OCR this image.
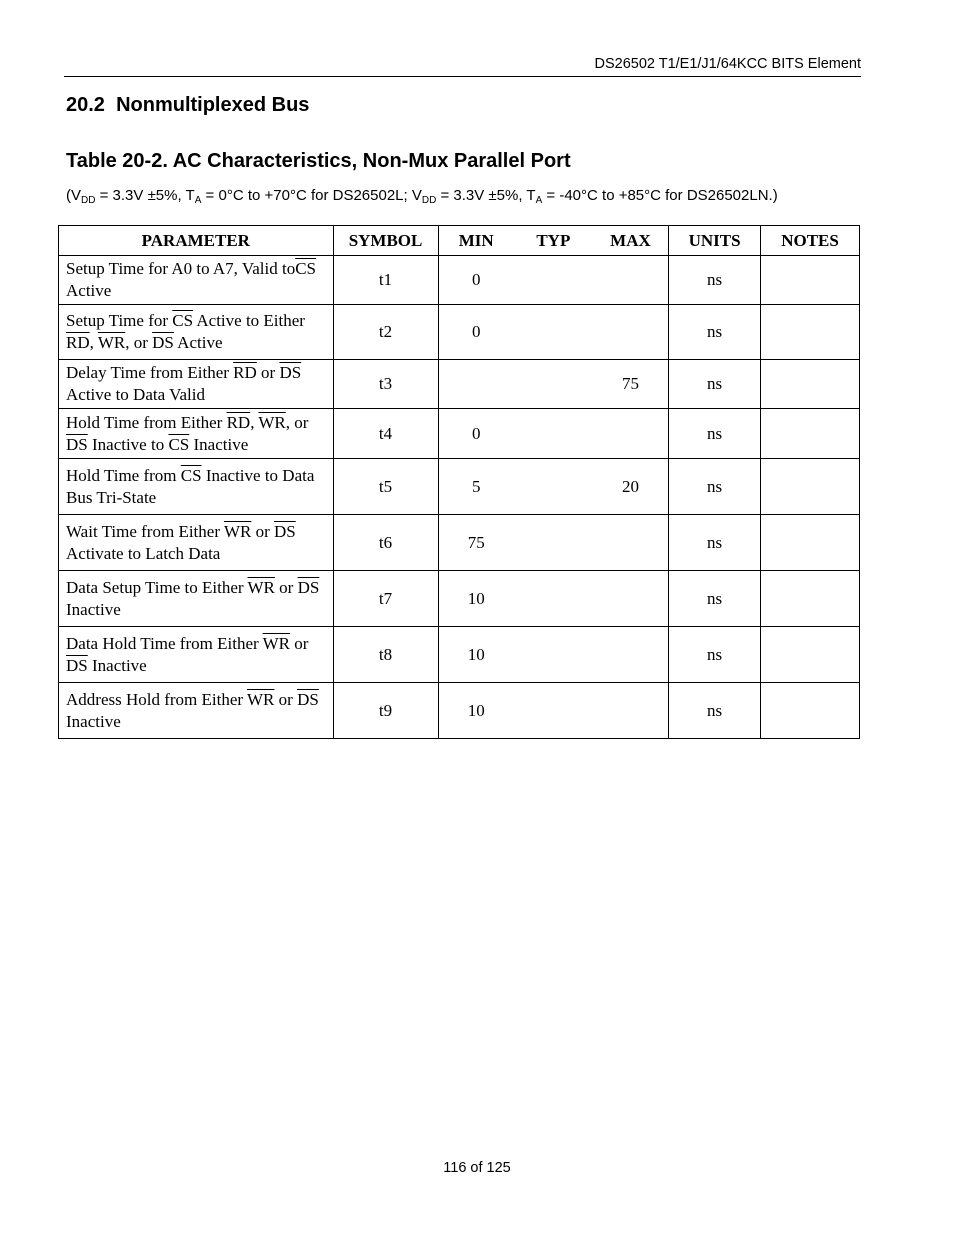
DS26502 T1/E1/J1/64KCC BITS Element
20.2 Nonmultiplexed Bus
Table 20-2. AC Characteristics, Non-Mux Parallel Port
($V_{DD} = 3.3V \pm 5\%$, $T_A = 0^\circ C$ to +70°C for DS26502L; $V_{DD} = 3.3V \pm 5\%$, $T_A = -40^\circ C$ to +85°C for DS26502LN.)
PARAMETER	SYMBOL	MIN	TYP	MAX	UNITS	NOTES
Setup Time for A0 to A7, Valid $to\overline{CS}$ Active	t1	0			ns	
Setup Time for $\overline{CS}$ Active to Either $\overline{RD}$, $\overline{WR}$, or $\overline{DS}$ Active	t2	0			ns	
Delay Time from Either $\overline{RD}$ or $\overline{DS}$ Active to Data Valid	t3			75	ns	
Hold Time from Either $\overline{RD}$, $\overline{WR}$, or $\overline{DS}$ Inactive to $\overline{CS}$ Inactive	t4	0			ns	
Hold Time from $\overline{CS}$ Inactive to Data Bus Tri-State	t5	5		20	ns	
Wait Time from Either $\overline{WR}$ or $\overline{DS}$ Activate to Latch Data	t6	75			ns	
Data Setup Time to Either $\overline{WR}$ or $\overline{DS}$ Inactive	t7	10			ns	
Data Hold Time from Either $\overline{WR}$ or $\overline{DS}$ Inactive	t8	10			ns	
Address Hold from Either $\overline{WR}$ or $\overline{DS}$ Inactive	t9	10			ns	
116 of 125
